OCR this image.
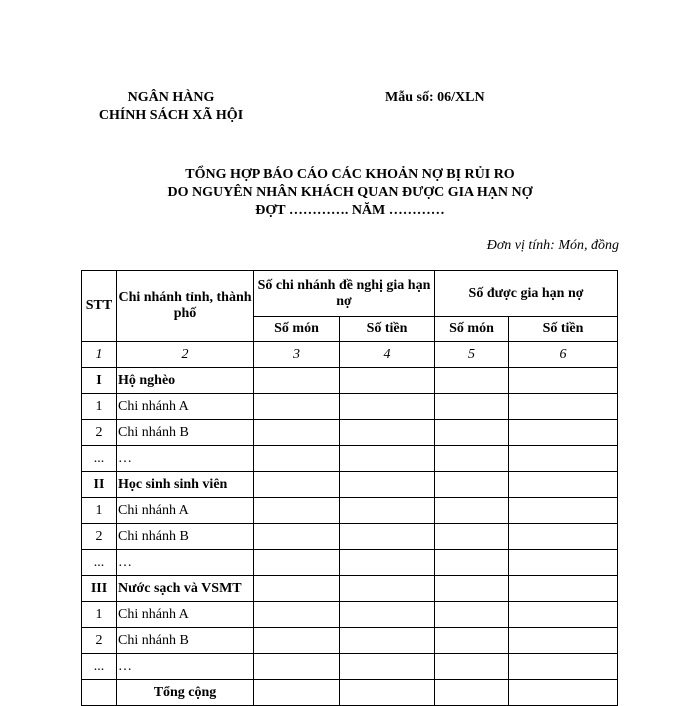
NGÂN HÀNG
CHÍNH SÁCH XÃ HỘI
Mẫu số: 06/XLN
TỔNG HỢP BÁO CÁO CÁC KHOẢN NỢ BỊ RỦI RO
DO NGUYÊN NHÂN KHÁCH QUAN ĐƯỢC GIA HẠN NỢ
ĐỢT …………. NĂM …………
Đơn vị tính: Món, đồng
STT	Chi nhánh tỉnh, thành phố	Số chi nhánh đề nghị gia hạn nợ		Số được gia hạn nợ	
		Số món	Số tiền	Số món	Số tiền
1	2	3	4	5	6
I	Hộ nghèo				
1	Chi nhánh A				
2	Chi nhánh B				
...	…				
II	Học sinh sinh viên				
1	Chi nhánh A				
2	Chi nhánh B				
...	…				
III	Nước sạch và VSMT				
1	Chi nhánh A				
2	Chi nhánh B				
...	…				
	Tổng cộng				
